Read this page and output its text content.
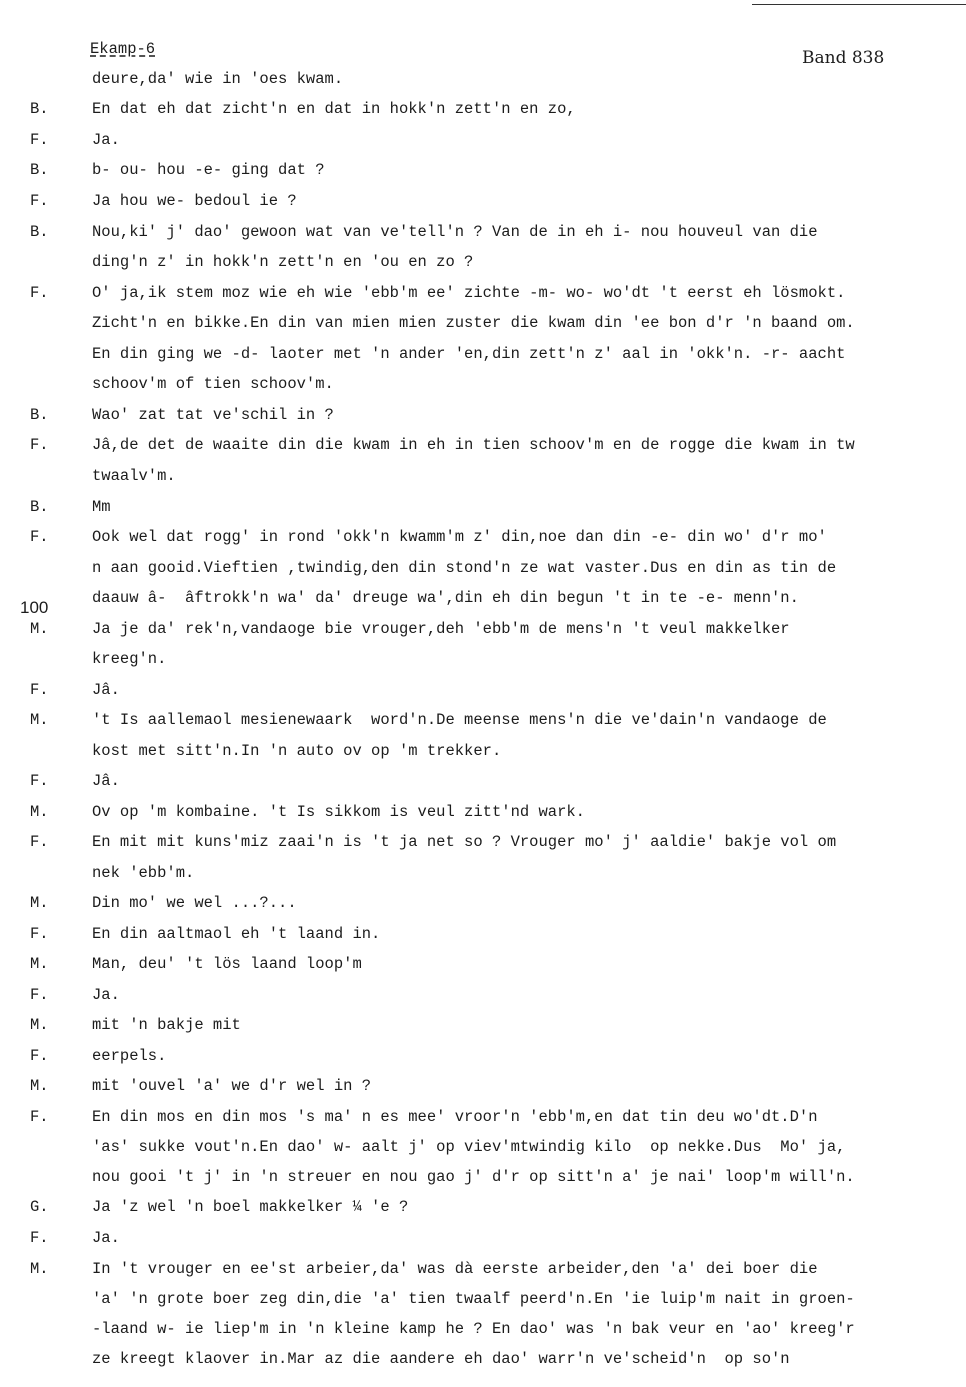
Ekamp-6	Band 838
100
deure,da' wie in 'oes kwam.
B.	En dat eh dat zicht'n en dat in hokk'n zett'n en zo,
F.	Ja.
B.	b- ou- hou -e- ging dat ?
F.	Ja hou we- bedoul ie ?
B.	Nou,ki' j' dao' gewoon wat van ve'tell'n ? Van de in eh i- nou houveul van die
ding'n z' in hokk'n zett'n en 'ou en zo ?
F.	O' ja,ik stem moz wie eh wie 'ebb'm ee' zichte -m- wo- wo'dt 't eerst eh lösmokt.
Zicht'n en bikke.En din van mien mien zuster die kwam din 'ee bon d'r 'n baand om.
En din ging we -d- laoter met 'n ander 'en,din zett'n z' aal in 'okk'n. -r- aacht
schoov'm of tien schoov'm.
B.	Wao' zat tat ve'schil in ?
F.	Jâ,de det de waaite din die kwam in eh in tien schoov'm en de rogge die kwam in tw
twaalv'm.
B.	Mm
F.	Ook wel dat rogg' in rond 'okk'n kwamm'm z' din,noe dan din -e- din wo' d'r mo'
n aan gooid.Vieftien ,twindig,den din stond'n ze wat vaster.Dus en din as tin de
daauw â-  âftrokk'n wa' da' dreuge wa',din eh din begun 't in te -e- menn'n.
M.	Ja je da' rek'n,vandaoge bie vrouger,deh 'ebb'm de mens'n 't veul makkelker
kreeg'n.
F.	Jâ.
M.	't Is aallemaol mesienewaark  word'n.De meense mens'n die ve'dain'n vandaoge de
kost met sitt'n.In 'n auto ov op 'm trekker.
F.	Jâ.
M.	Ov op 'm kombaine. 't Is sikkom is veul zitt'nd wark.
F.	En mit mit kuns'miz zaai'n is 't ja net so ? Vrouger mo' j' aaldie' bakje vol om
nek 'ebb'm.
M.	Din mo' we wel ...?...
F.	En din aaltmaol eh 't laand in.
M.	Man, deu' 't lös laand loop'm
F.	Ja.
M.	mit 'n bakje mit
F.	eerpels.
M.	mit 'ouvel 'a' we d'r wel in ?
F.	En din mos en din mos 's ma' n es mee' vroor'n 'ebb'm,en dat tin deu wo'dt.D'n
'as' sukke vout'n.En dao' w- aalt j' op viev'mtwindig kilo  op nekke.Dus  Mo' ja,
nou gooi 't j' in 'n streuer en nou gao j' d'r op sitt'n a' je nai' loop'm will'n.
G.	Ja 'z wel 'n boel makkelker ¼ 'e ?
F.	Ja.
M.	In 't vrouger en ee'st arbeier,da' was dà eerste arbeider,den 'a' dei boer die
'a' 'n grote boer zeg din,die 'a' tien twaalf peerd'n.En 'ie luip'm nait in groen-
-laand w- ie liep'm in 'n kleine kamp he ? En dao' was 'n bak veur en 'ao' kreeg'r
ze kreegt klaover in.Mar az die aandere eh dao' warr'n ve'scheid'n  op so'n
